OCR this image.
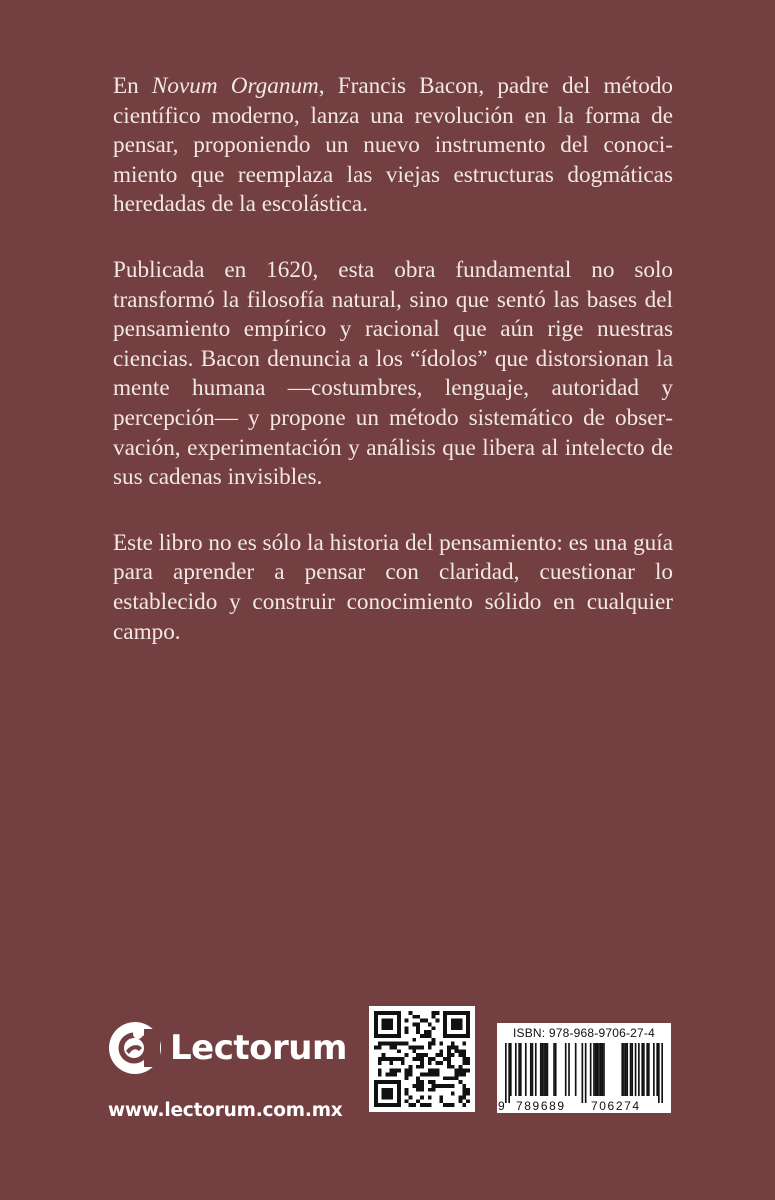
En Novum Organum, Francis Bacon, padre del método científico moderno, lanza una revolución en la forma de pensar, proponiendo un nuevo instrumento del conocimiento que reemplaza las viejas estructuras dogmáticas heredadas de la escolástica.

Publicada en 1620, esta obra fundamental no solo transformó la filosofía natural, sino que sentó las bases del pensamiento empírico y racional que aún rige nuestras ciencias. Bacon denuncia a los “ídolos” que distorsionan la mente humana —costumbres, lenguaje, autoridad y percepción— y propone un método sistemático de observación, experimentación y análisis que libera al intelecto de sus cadenas invisibles.

Este libro no es sólo la historia del pensamiento: es una guía para aprender a pensar con claridad, cuestionar lo establecido y construir conocimiento sólido en cualquier campo.

Lectorum
www.lectorum.com.mx
ISBN: 978-968-9706-27-4
9 789689 706274
